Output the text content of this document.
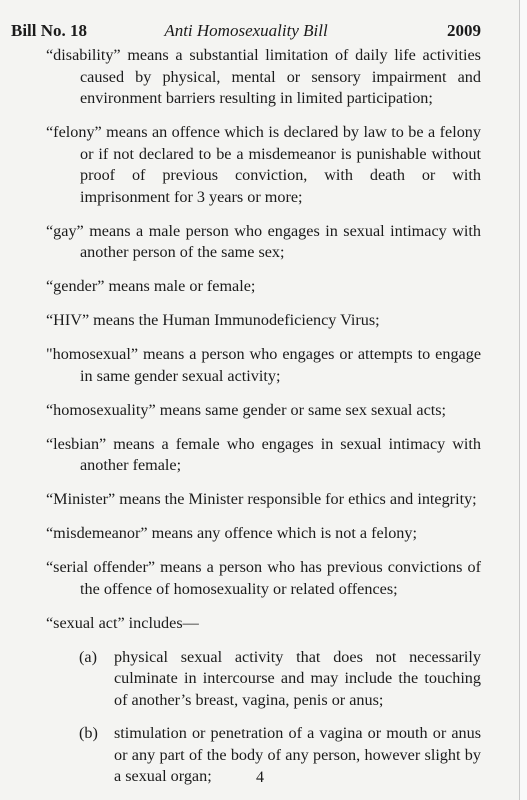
Bill No. 18	Anti Homosexuality Bill	2009

“disability” means a substantial limitation of daily life activities caused by physical, mental or sensory impairment and environment barriers resulting in limited participation;

“felony” means an offence which is declared by law to be a felony or if not declared to be a misdemeanor is punishable without proof of previous conviction, with death or with imprisonment for 3 years or more;

“gay” means a male person who engages in sexual intimacy with another person of the same sex;

“gender” means male or female;

“HIV” means the Human Immunodeficiency Virus;

"homosexual” means a person who engages or attempts to engage in same gender sexual activity;

“homosexuality” means same gender or same sex sexual acts;

“lesbian” means a female who engages in sexual intimacy with another female;

“Minister” means the Minister responsible for ethics and integrity;

“misdemeanor” means any offence which is not a felony;

“serial offender” means a person who has previous convictions of the offence of homosexuality or related offences;

“sexual act” includes—

(a) physical sexual activity that does not necessarily culminate in intercourse and may include the touching of another’s breast, vagina, penis or anus;
(b) stimulation or penetration of a vagina or mouth or anus or any part of the body of any person, however slight by a sexual organ;	4
